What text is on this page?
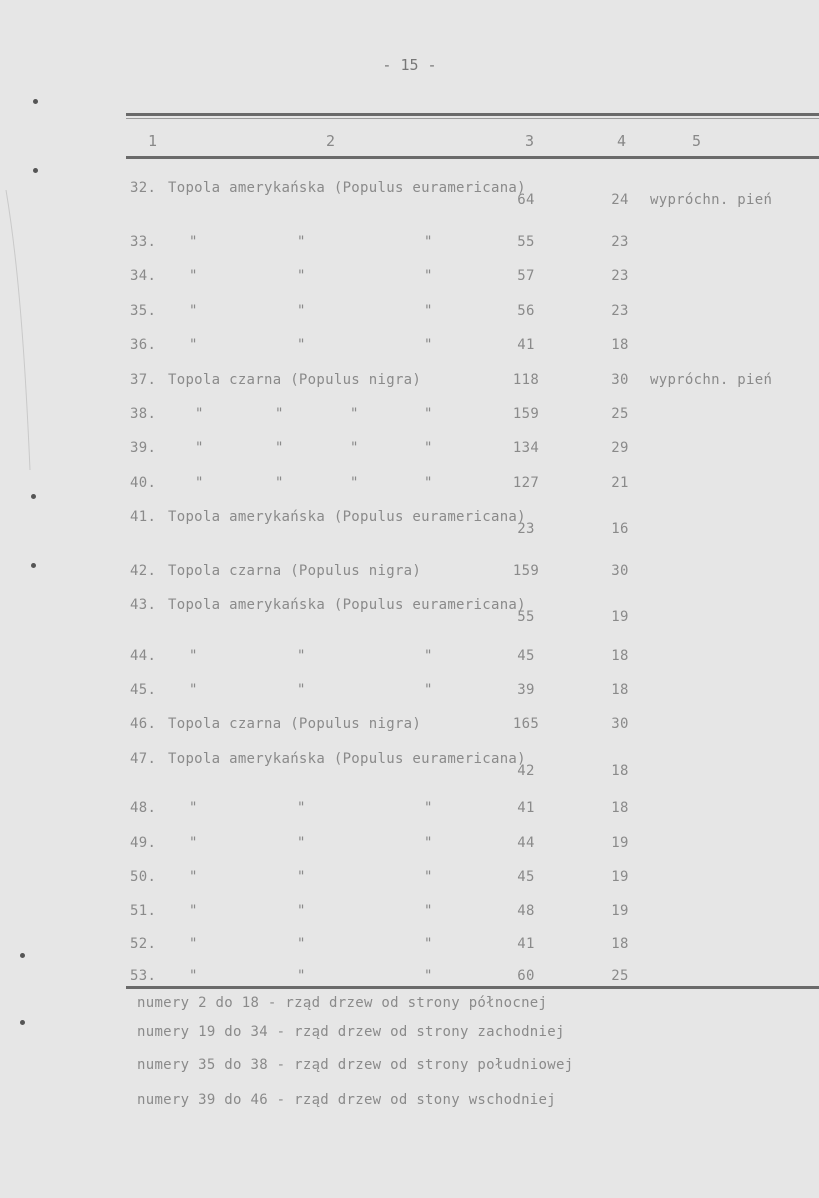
- 15 -
1	2	3	4	5
32. Topola amerykańska (Populus euramericana)
64	24	wypróchn. pień
33. "	"	"	55	23
34. "	"	"	57	23
35. "	"	"	56	23
36. "	"	"	41	18
37. Topola czarna (Populus nigra)	118	30	wypróchn. pień
38.	"	"	"	"	159	25
39.	"	"	"	"	134	29
40.	"	"	"	"	127	21
41. Topola amerykańska (Populus euramericana)
23	16
42. Topola czarna (Populus nigra)	159	30
43. Topola amerykańska (Populus euramericana)
55	19
44. "	"	"	45	18
45. "	"	"	39	18
46. Topola czarna (Populus nigra)	165	30
47. Topola amerykańska (Populus euramericana)
42	18
48. "	"	"	41	18
49. "	"	"	44	19
50. "	"	"	45	19
51. "	"	"	48	19
52. "	"	"	41	18
53. "	"	"	60	25
numery 2 do 18 - rząd drzew od strony północnej
numery 19 do 34 - rząd drzew od strony zachodniej
numery 35 do 38 - rząd drzew od strony południowej
numery 39 do 46 - rząd drzew od stony wschodniej
